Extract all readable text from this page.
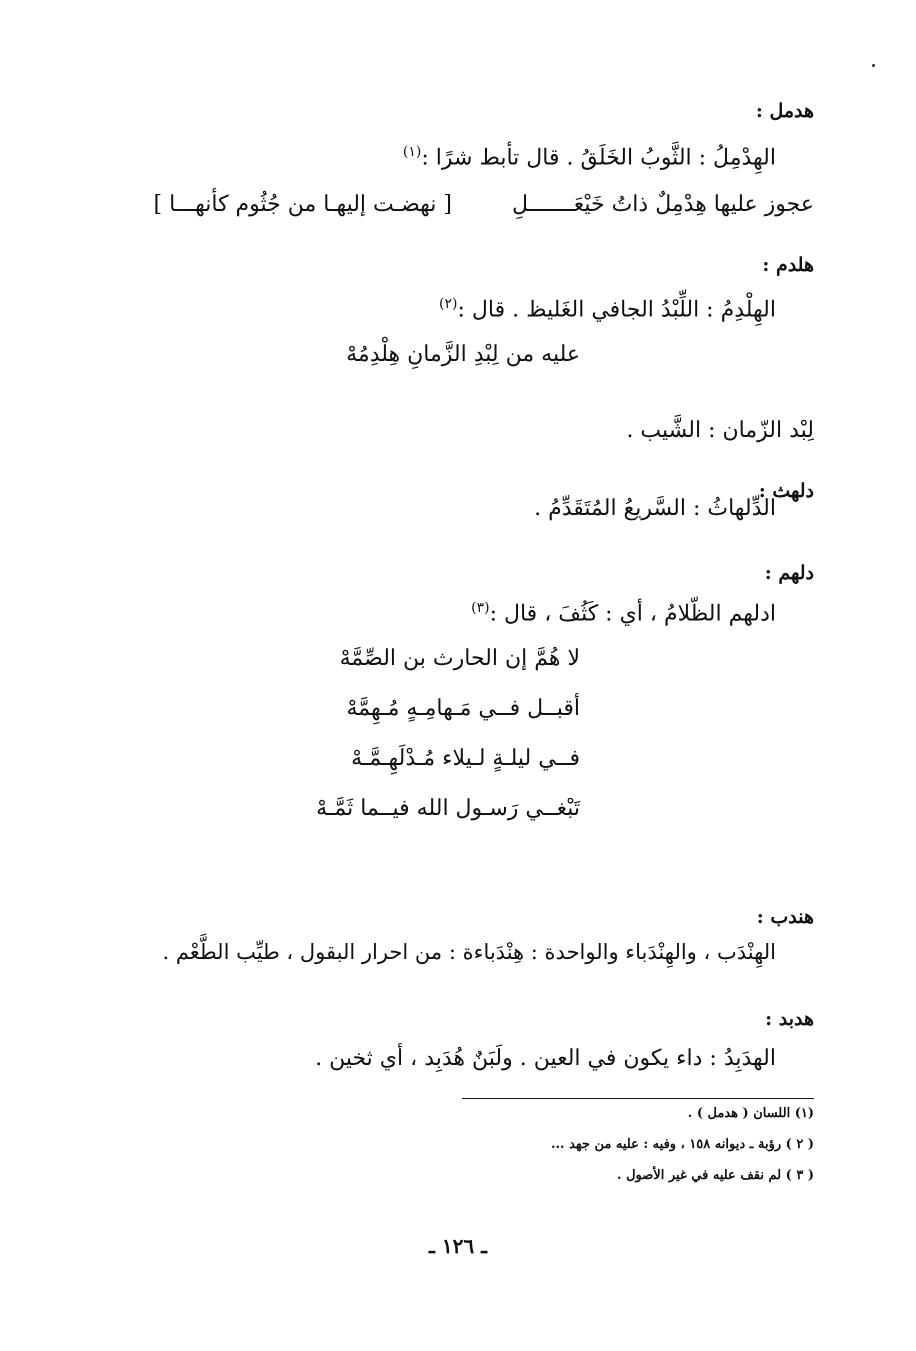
هدمل :
الهِدْمِلُ : الثَّوبُ الخَلَقُ . قال تأبط شرًا :$^{(١)}$
عجوز عليها هِدْمِلٌ ذاتُ خَيْعَـــــــلِ
[ نهضـت إليهـا من جُثُوم كأنهـــا ]
هلدم :
الهِلْدِمُ : اللِّبْدُ الجافي الغَليظ . قال :$^{(٢)}$
عليه من لِبْدِ الزَّمانِ هِلْدِمُهْ
لِبْد الزّمان : الشَّيب .
دلهث :
الدِّلهاثُ : السَّريعُ المُتَقَدِّمُ .
دلهم :
ادلهم الظّلامُ ، أي : كَثُفَ ، قال :$^{(٣)}$
لا هُمَّ إن الحارث بن الصِّمَّهْ
أقبــل فــي مَـهامِـهٍ مُـهِمَّهْ
فــي ليلـةٍ لـيلاء مُـدْلَهِـمَّـهْ
تَبْغــي رَسـول الله فيــما ثَمَّـهْ
هندب :
الهِنْدَب ، والهِنْدَباء والواحدة : هِنْدَباءة : من احرار البقول ، طيِّب الطَّعْم .
هدبد :
الهدَبِدُ : داء يكون في العين . ولَبَنٌ هُدَبِد ، أي ثخين .
(١) اللسان ( هدمل ) .
( ٢ ) رؤبة ـ ديوانه ١٥٨ ، وفيه : عليه من جهد ...
( ٣ ) لم نقف عليه في غير الأصول .
ـ ١٢٦ ـ
